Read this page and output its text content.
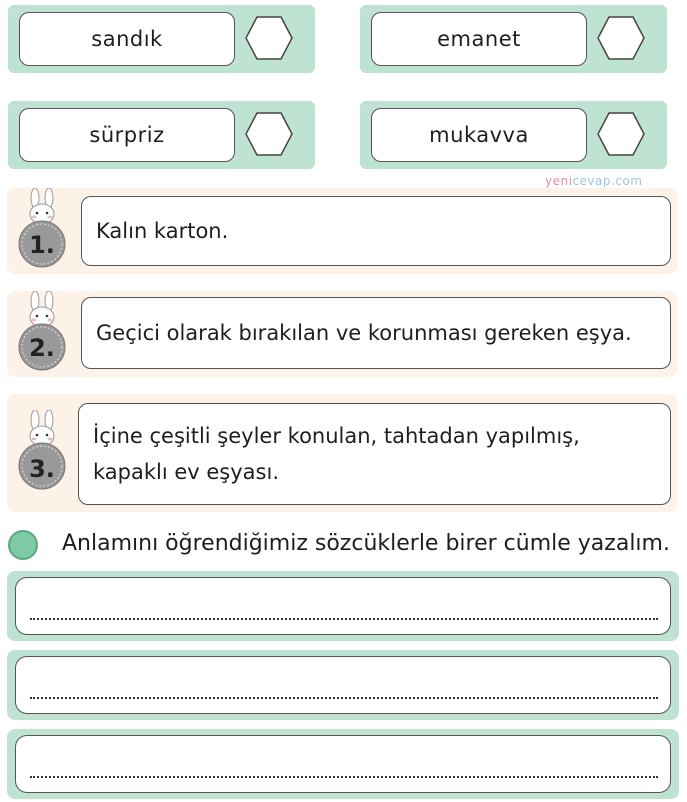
sandık	emanet
sürpriz	mukavva
yenicevap.com
1.	Kalın karton.
2.
Geçici olarak bırakılan ve korunması gereken eşya.
3.
İçine çeşitli şeyler konulan, tahtadan yapılmış, kapaklı ev eşyası.
Anlamını öğrendiğimiz sözcüklerle birer cümle yazalım.
